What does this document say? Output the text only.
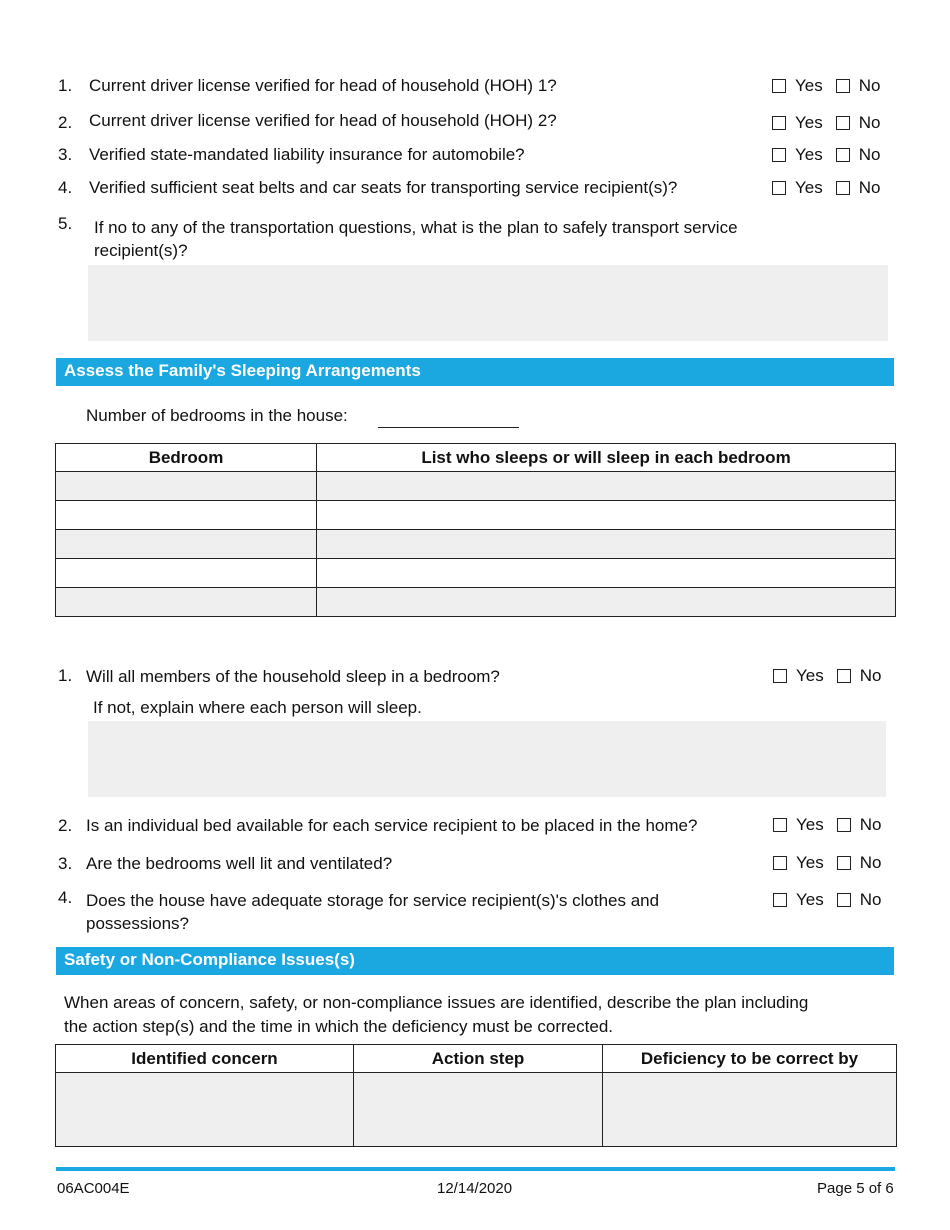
1. Current driver license verified for head of household (HOH) 1?	Yes No
2. Current driver license verified for head of household (HOH) 2?	Yes No
3. Verified state-mandated liability insurance for automobile?	Yes No
4. Verified sufficient seat belts and car seats for transporting service recipient(s)?	Yes No
5. If no to any of the transportation questions, what is the plan to safely transport service
recipient(s)?
Assess the Family's Sleeping Arrangements
Number of bedrooms in the house:
Bedroom	List who sleeps or will sleep in each bedroom

1. Will all members of the household sleep in a bedroom?	Yes No
If not, explain where each person will sleep.
2. Is an individual bed available for each service recipient to be placed in the home?	Yes No
3. Are the bedrooms well lit and ventilated?	Yes No
4. Does the house have adequate storage for service recipient(s)'s clothes and
possessions?
Yes No
Safety or Non-Compliance Issues(s)
When areas of concern, safety, or non-compliance issues are identified, describe the plan including
the action step(s) and the time in which the deficiency must be corrected.
Identified concern	Action step	Deficiency to be correct by

06AC004E	12/14/2020	Page 5 of 6
